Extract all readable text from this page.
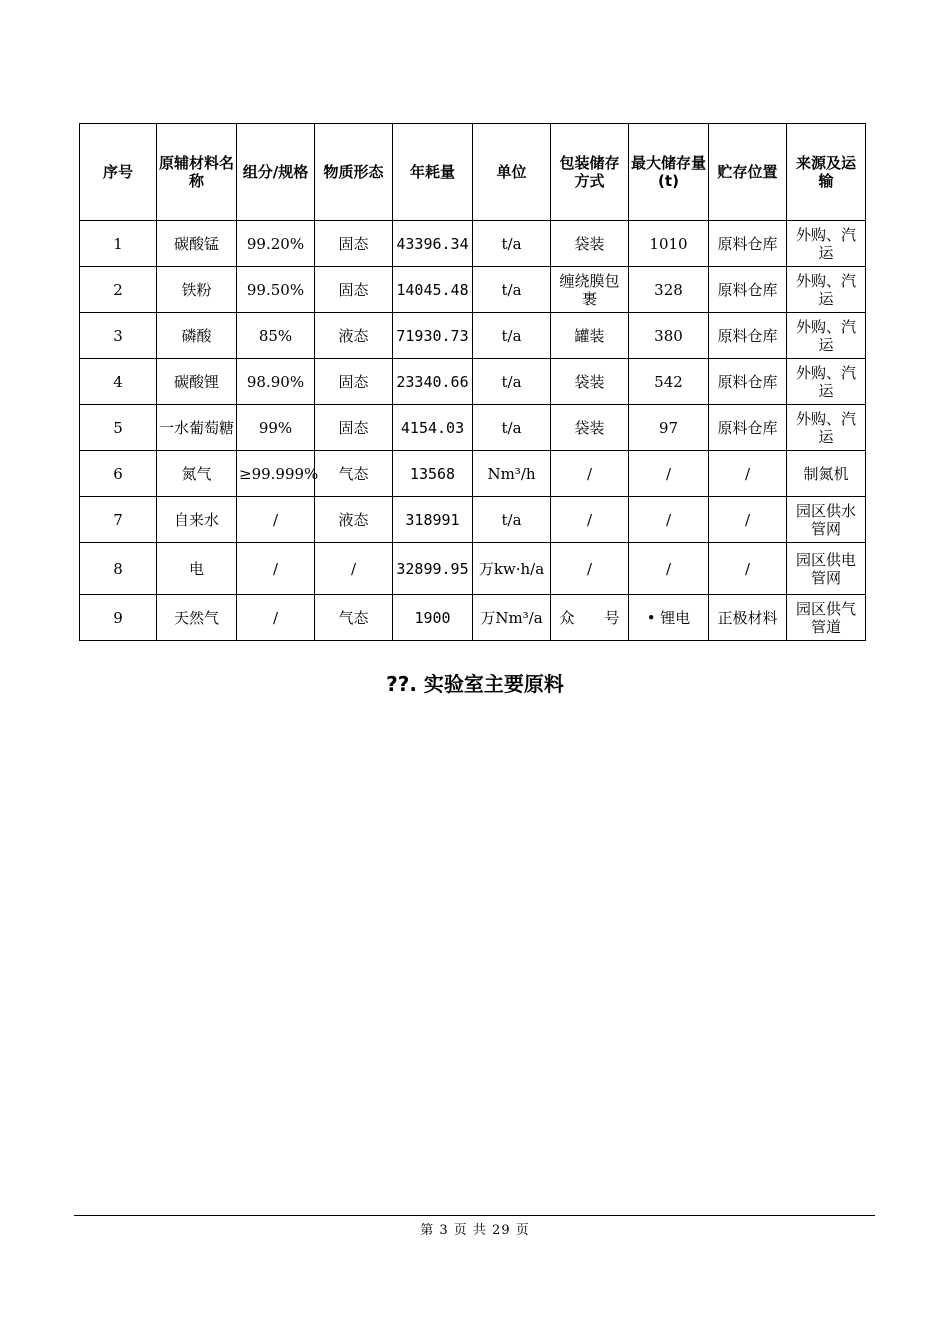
序号	原辅材料名称	组分/规格	物质形态	年耗量	单位	包装储存方式	最大储存量(t)	贮存位置	来源及运输
1	碳酸锰	99.20%	固态	43396.34	t/a	袋装	1010	原料仓库	外购、汽运
2	铁粉	99.50%	固态	14045.48	t/a	缠绕膜包裹	328	原料仓库	外购、汽运
3	磷酸	85%	液态	71930.73	t/a	罐装	380	原料仓库	外购、汽运
4	碳酸锂	98.90%	固态	23340.66	t/a	袋装	542	原料仓库	外购、汽运
5	一水葡萄糖	99%	固态	4154.03	t/a	袋装	97	原料仓库	外购、汽运
6	氮气	≥99.999%	气态	13568	Nm³/h	/	/	/	制氮机
7	自来水	/	液态	318991	t/a	/	/	/	园区供水管网
8	电	/	/	32899.95	万kw·h/a	/	/	/	园区供电管网
9	天然气	/	气态	1900	万Nm³/a	众　　号	• 锂电	正极材料	园区供气管道
??. 实验室主要原料
第 3 页 共 29 页
